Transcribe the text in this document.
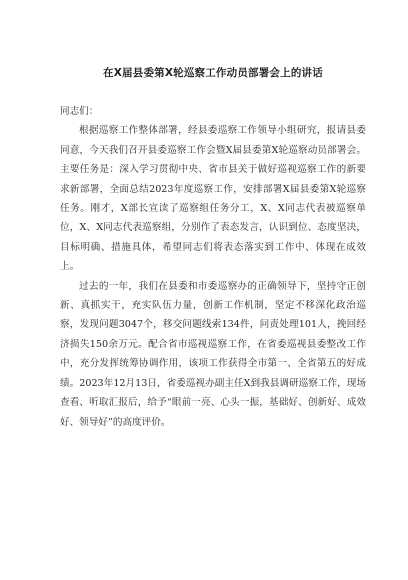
在X届县委第X轮巡察工作动员部署会上的讲话

同志们：

根据巡察工作整体部署，经县委巡察工作领导小组研究，报请县委同意，今天我们召开县委巡察工作会暨X届县委第X轮巡察动员部署会。主要任务是：深入学习贯彻中央、省市县关于做好巡视巡察工作的新要求新部署，全面总结2023年度巡察工作，安排部署X届县委第X轮巡察任务。刚才，X部长宣读了巡察组任务分工，X、X同志代表被巡察单位，X、X同志代表巡察组，分别作了表态发言，认识到位、态度坚决，目标明确、措施具体，希望同志们将表态落实到工作中、体现在成效上。

过去的一年，我们在县委和市委巡察办的正确领导下，坚持守正创新、真抓实干，充实队伍力量，创新工作机制，坚定不移深化政治巡察，发现问题3047个，移交问题线索134件，问责处理101人，挽回经济损失150余万元。配合省市巡视巡察工作，在省委巡视县委整改工作中，充分发挥统筹协调作用，该项工作获得全市第一、全省第五的好成绩。2023年12月13日，省委巡视办副主任X到我县调研巡察工作，现场查看、听取汇报后，给予“眼前一亮、心头一振，基础好、创新好、成效好、领导好”的高度评价。
